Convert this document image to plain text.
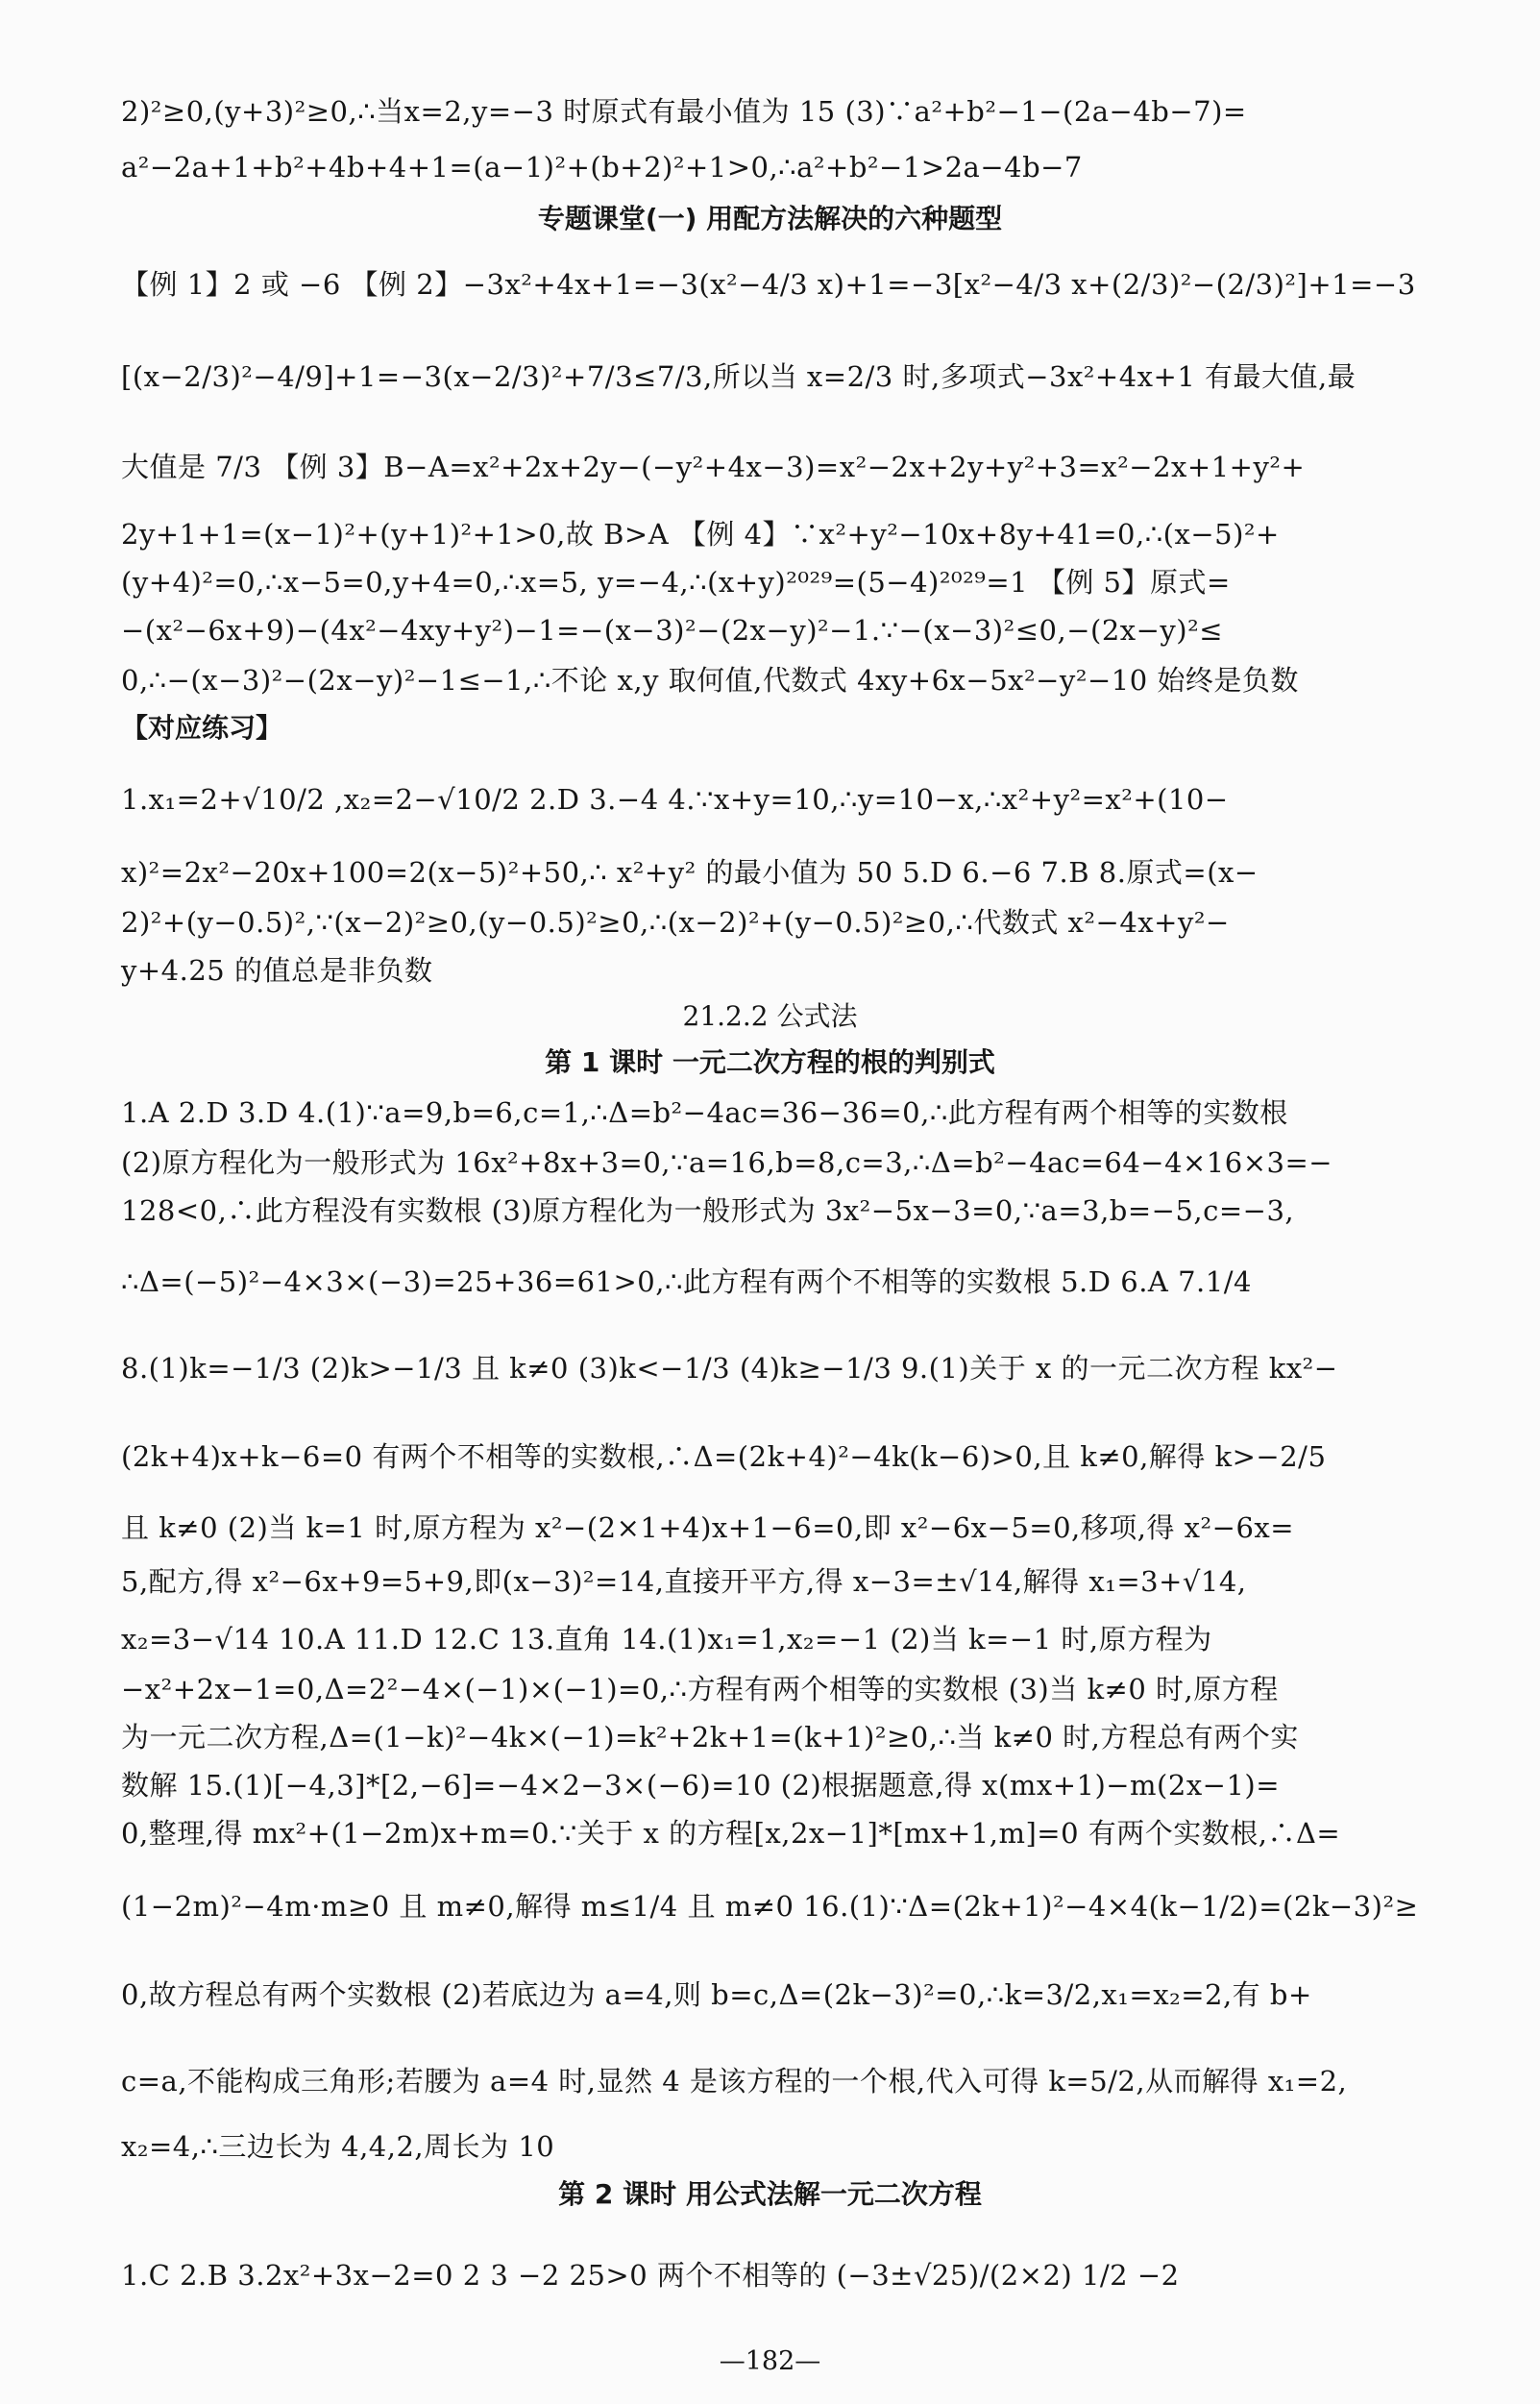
2)²≥0,(y+3)²≥0,∴当x=2,y=−3 时原式有最小值为 15 (3)∵a²+b²−1−(2a−4b−7)=
a²−2a+1+b²+4b+4+1=(a−1)²+(b+2)²+1>0,∴a²+b²−1>2a−4b−7
专题课堂(一) 用配方法解决的六种题型
【例 1】2 或 −6 【例 2】−3x²+4x+1=−3(x²−4/3 x)+1=−3[x²−4/3 x+(2/3)²−(2/3)²]+1=−3
[(x−2/3)²−4/9]+1=−3(x−2/3)²+7/3≤7/3,所以当 x=2/3 时,多项式−3x²+4x+1 有最大值,最
大值是 7/3 【例 3】B−A=x²+2x+2y−(−y²+4x−3)=x²−2x+2y+y²+3=x²−2x+1+y²+
2y+1+1=(x−1)²+(y+1)²+1>0,故 B>A 【例 4】∵x²+y²−10x+8y+41=0,∴(x−5)²+
(y+4)²=0,∴x−5=0,y+4=0,∴x=5, y=−4,∴(x+y)²⁰²⁹=(5−4)²⁰²⁹=1 【例 5】原式=
−(x²−6x+9)−(4x²−4xy+y²)−1=−(x−3)²−(2x−y)²−1.∵−(x−3)²≤0,−(2x−y)²≤
0,∴−(x−3)²−(2x−y)²−1≤−1,∴不论 x,y 取何值,代数式 4xy+6x−5x²−y²−10 始终是负数
【对应练习】
1.x₁=2+√10/2 ,x₂=2−√10/2 2.D 3.−4 4.∵x+y=10,∴y=10−x,∴x²+y²=x²+(10−
x)²=2x²−20x+100=2(x−5)²+50,∴ x²+y² 的最小值为 50 5.D 6.−6 7.B 8.原式=(x−
2)²+(y−0.5)²,∵(x−2)²≥0,(y−0.5)²≥0,∴(x−2)²+(y−0.5)²≥0,∴代数式 x²−4x+y²−
y+4.25 的值总是非负数
21.2.2 公式法
第 1 课时 一元二次方程的根的判别式
1.A 2.D 3.D 4.(1)∵a=9,b=6,c=1,∴Δ=b²−4ac=36−36=0,∴此方程有两个相等的实数根
(2)原方程化为一般形式为 16x²+8x+3=0,∵a=16,b=8,c=3,∴Δ=b²−4ac=64−4×16×3=−
128<0,∴此方程没有实数根 (3)原方程化为一般形式为 3x²−5x−3=0,∵a=3,b=−5,c=−3,
∴Δ=(−5)²−4×3×(−3)=25+36=61>0,∴此方程有两个不相等的实数根 5.D 6.A 7.1/4
8.(1)k=−1/3 (2)k>−1/3 且 k≠0 (3)k<−1/3 (4)k≥−1/3 9.(1)关于 x 的一元二次方程 kx²−
(2k+4)x+k−6=0 有两个不相等的实数根,∴Δ=(2k+4)²−4k(k−6)>0,且 k≠0,解得 k>−2/5
且 k≠0 (2)当 k=1 时,原方程为 x²−(2×1+4)x+1−6=0,即 x²−6x−5=0,移项,得 x²−6x=
5,配方,得 x²−6x+9=5+9,即(x−3)²=14,直接开平方,得 x−3=±√14,解得 x₁=3+√14,
x₂=3−√14 10.A 11.D 12.C 13.直角 14.(1)x₁=1,x₂=−1 (2)当 k=−1 时,原方程为
−x²+2x−1=0,Δ=2²−4×(−1)×(−1)=0,∴方程有两个相等的实数根 (3)当 k≠0 时,原方程
为一元二次方程,Δ=(1−k)²−4k×(−1)=k²+2k+1=(k+1)²≥0,∴当 k≠0 时,方程总有两个实
数解 15.(1)[−4,3]*[2,−6]=−4×2−3×(−6)=10 (2)根据题意,得 x(mx+1)−m(2x−1)=
0,整理,得 mx²+(1−2m)x+m=0.∵关于 x 的方程[x,2x−1]*[mx+1,m]=0 有两个实数根,∴Δ=
(1−2m)²−4m·m≥0 且 m≠0,解得 m≤1/4 且 m≠0 16.(1)∵Δ=(2k+1)²−4×4(k−1/2)=(2k−3)²≥
0,故方程总有两个实数根 (2)若底边为 a=4,则 b=c,Δ=(2k−3)²=0,∴k=3/2,x₁=x₂=2,有 b+
c=a,不能构成三角形;若腰为 a=4 时,显然 4 是该方程的一个根,代入可得 k=5/2,从而解得 x₁=2,
x₂=4,∴三边长为 4,4,2,周长为 10
第 2 课时 用公式法解一元二次方程
1.C 2.B 3.2x²+3x−2=0 2 3 −2 25>0 两个不相等的 (−3±√25)/(2×2) 1/2 −2
—182—
